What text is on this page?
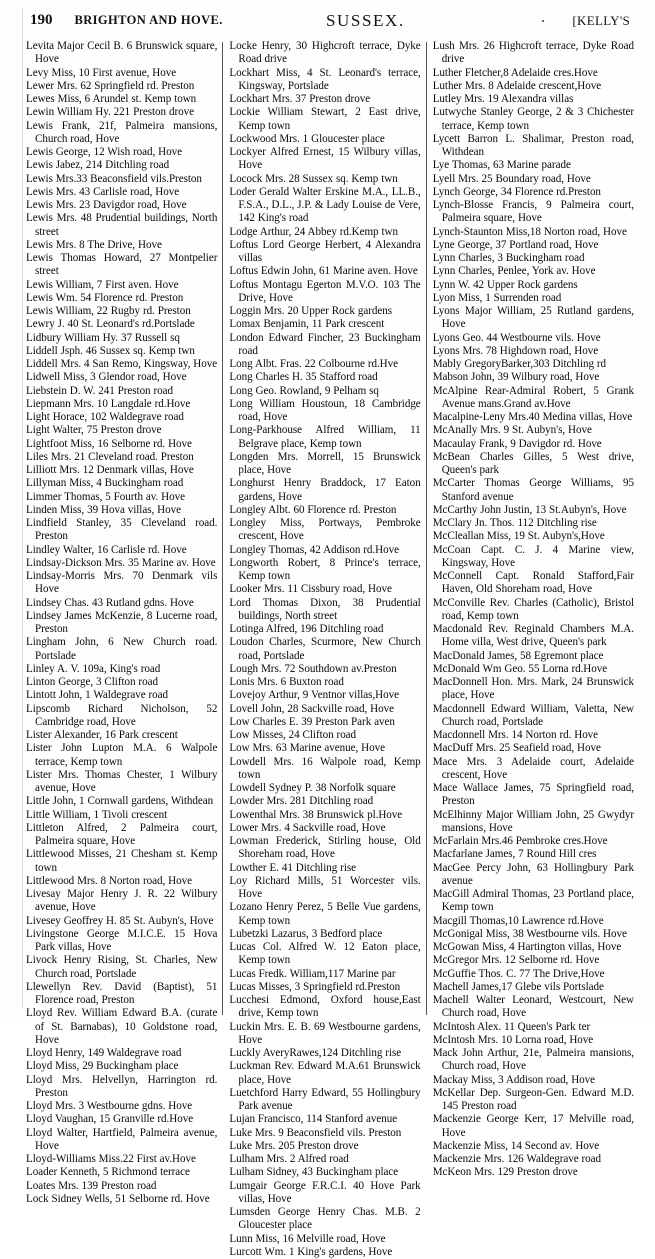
190 BRIGHTON AND HOVE.	SUSSEX.	[KELLY'S
Levita Major Cecil B. 6 Brunswick square, Hove
Levy Miss, 10 First avenue, Hove
Lewer Mrs. 62 Springfield rd. Preston
Lewes Miss, 6 Arundel st. Kemp town
Lewin William Hy. 221 Preston drove
Lewis Frank, 21f, Palmeira mansions, Church road, Hove
Lewis George, 12 Wish road, Hove
Lewis Jabez, 214 Ditchling road
Lewis Mrs.33 Beaconsfield vils.Preston
Lewis Mrs. 43 Carlisle road, Hove
Lewis Mrs. 23 Davigdor road, Hove
Lewis Mrs. 48 Prudential buildings, North street
Lewis Mrs. 8 The Drive, Hove
Lewis Thomas Howard, 27 Montpelier street
Lewis William, 7 First aven. Hove
Lewis Wm. 54 Florence rd. Preston
Lewis William, 22 Rugby rd. Preston
Lewry J. 40 St. Leonard's rd.Portslade
Lidbury William Hy. 37 Russell sq
Liddell Jsph. 46 Sussex sq. Kemp twn
Liddell Mrs. 4 San Remo, Kingsway, Hove
Lidwell Miss, 3 Glendor road, Hove
Liebstein D. W. 241 Preston road
Liepmann Mrs. 10 Langdale rd.Hove
Light Horace, 102 Waldegrave road
Light Walter, 75 Preston drove
Lightfoot Miss, 16 Selborne rd. Hove
Liles Mrs. 21 Cleveland road. Preston
Lilliott Mrs. 12 Denmark villas, Hove
Lillyman Miss, 4 Buckingham road
Limmer Thomas, 5 Fourth av. Hove
Linden Miss, 39 Hova villas, Hove
Lindfield Stanley, 35 Cleveland road. Preston
Lindley Walter, 16 Carlisle rd. Hove
Lindsay-Dickson Mrs. 35 Marine av. Hove
Lindsay-Morris Mrs. 70 Denmark vils Hove
Lindsey Chas. 43 Rutland gdns. Hove
Lindsey James McKenzie, 8 Lucerne road, Preston
Lingham John, 6 New Church road. Portslade
Linley A. V. 109a, King's road
Linton George, 3 Clifton road
Lintott John, 1 Waldegrave road
Lipscomb Richard Nicholson, 52 Cambridge road, Hove
Lister Alexander, 16 Park crescent
Lister John Lupton M.A. 6 Walpole terrace, Kemp town
Lister Mrs. Thomas Chester, 1 Wilbury avenue, Hove
Little John, 1 Cornwall gardens, Withdean
Little William, 1 Tivoli crescent
Littleton Alfred, 2 Palmeira court, Palmeira square, Hove
Littlewood Misses, 21 Chesham st. Kemp town
Littlewood Mrs. 8 Norton road, Hove
Livesay Major Henry J. R. 22 Wilbury avenue, Hove
Livesey Geoffrey H. 85 St. Aubyn's, Hove
Livingstone George M.I.C.E. 15 Hova Park villas, Hove
Livock Henry Rising, St. Charles, New Church road, Portslade
Llewellyn Rev. David (Baptist), 51 Florence road, Preston
Lloyd Rev. William Edward B.A. (curate of St. Barnabas), 10 Goldstone road, Hove
Lloyd Henry, 149 Waldegrave road
Lloyd Miss, 29 Buckingham place
Lloyd Mrs. Helvellyn, Harrington rd. Preston
Lloyd Mrs. 3 Westbourne gdns. Hove
Lloyd Vaughan, 15 Granville rd.Hove
Lloyd Walter, Hartfield, Palmeira avenue, Hove
Lloyd-Williams Miss.22 First av.Hove
Loader Kenneth, 5 Richmond terrace
Loates Mrs. 139 Preston road
Lock Sidney Wells, 51 Selborne rd. Hove
Locke Henry, 30 Highcroft terrace, Dyke Road drive
Lockhart Miss, 4 St. Leonard's terrace, Kingsway, Portslade
Lockhart Mrs. 37 Preston drove
Lockie William Stewart, 2 East drive, Kemp town
Lockwood Mrs. 1 Gloucester place
Lockyer Alfred Ernest, 15 Wilbury villas, Hove
Locock Mrs. 28 Sussex sq. Kemp twn
Loder Gerald Walter Erskine M.A., LL.B., F.S.A., D.L., J.P. & Lady Louise de Vere, 142 King's road
Lodge Arthur, 24 Abbey rd.Kemp twn
Loftus Lord George Herbert, 4 Alexandra villas
Loftus Edwin John, 61 Marine aven. Hove
Loftus Montagu Egerton M.V.O. 103 The Drive, Hove
Loggin Mrs. 20 Upper Rock gardens
Lomax Benjamin, 11 Park crescent
London Edward Fincher, 23 Buckingham road
Long Albt. Fras. 22 Colbourne rd.Hve
Long Charles H. 35 Stafford road
Long Geo. Rowland, 9 Pelham sq
Long William Houstoun, 18 Cambridge road, Hove
Long-Parkhouse Alfred William, 11 Belgrave place, Kemp town
Longden Mrs. Morrell, 15 Brunswick place, Hove
Longhurst Henry Braddock, 17 Eaton gardens, Hove
Longley Albt. 60 Florence rd. Preston
Longley Miss, Portways, Pembroke crescent, Hove
Longley Thomas, 42 Addison rd.Hove
Longworth Robert, 8 Prince's terrace, Kemp town
Looker Mrs. 11 Cissbury road, Hove
Lord Thomas Dixon, 38 Prudential buildings, North street
Lotinga Alfred, 196 Ditchling road
Loudon Charles, Scurmore, New Church road, Portslade
Lough Mrs. 72 Southdown av.Preston
Lonis Mrs. 6 Buxton road
Lovejoy Arthur, 9 Ventnor villas,Hove
Lovell John, 28 Sackville road, Hove
Low Charles E. 39 Preston Park aven
Low Misses, 24 Clifton road
Low Mrs. 63 Marine avenue, Hove
Lowdell Mrs. 16 Walpole road, Kemp town
Lowdell Sydney P. 38 Norfolk square
Lowder Mrs. 281 Ditchling road
Lowenthal Mrs. 38 Brunswick pl.Hove
Lower Mrs. 4 Sackville road, Hove
Lowman Frederick, Stirling house, Old Shoreham road, Hove
Lowther E. 41 Ditchling rise
Loy Richard Mills, 51 Worcester vils. Hove
Lozano Henry Perez, 5 Belle Vue gardens, Kemp town
Lubetzki Lazarus, 3 Bedford place
Lucas Col. Alfred W. 12 Eaton place, Kemp town
Lucas Fredk. William,117 Marine par
Lucas Misses, 3 Springfield rd.Preston
Lucchesi Edmond, Oxford house,East drive, Kemp town
Luckin Mrs. E. B. 69 Westbourne gardens, Hove
Luckly AveryRawes,124 Ditchling rise
Luckman Rev. Edward M.A.61 Brunswick place, Hove
Luetchford Harry Edward, 55 Hollingbury Park avenue
Lujan Francisco, 114 Stanford avenue
Luke Mrs. 9 Beaconsfield vils. Preston
Luke Mrs. 205 Preston drove
Lulham Mrs. 2 Alfred road
Lulham Sidney, 43 Buckingham place
Lumgair George F.R.C.I. 40 Hove Park villas, Hove
Lumsden George Henry Chas. M.B. 2 Gloucester place
Lunn Miss, 16 Melville road, Hove
Lurcott Wm. 1 King's gardens, Hove
Lush Mrs. 26 Highcroft terrace, Dyke Road drive
Luther Fletcher,8 Adelaide cres.Hove
Luther Mrs. 8 Adelaide crescent,Hove
Lutley Mrs. 19 Alexandra villas
Lutwyche Stanley George, 2 & 3 Chichester terrace, Kemp town
Lycett Barron L. Shalimar, Preston road, Withdean
Lye Thomas, 63 Marine parade
Lyell Mrs. 25 Boundary road, Hove
Lynch George, 34 Florence rd.Preston
Lynch-Blosse Francis, 9 Palmeira court, Palmeira square, Hove
Lynch-Staunton Miss,18 Norton road, Hove
Lyne George, 37 Portland road, Hove
Lynn Charles, 3 Buckingham road
Lynn Charles, Penlee, York av. Hove
Lynn W. 42 Upper Rock gardens
Lyon Miss, 1 Surrenden road
Lyons Major William, 25 Rutland gardens, Hove
Lyons Geo. 44 Westbourne vils. Hove
Lyons Mrs. 78 Highdown road, Hove
Mably GregoryBarker,303 Ditchling rd
Mabson John, 39 Wilbury road, Hove
McAlpine Rear-Admiral Robert, 5 Grank Avenue mans.Grand av.Hove
Macalpine-Leny Mrs.40 Medina villas, Hove
McAnally Mrs. 9 St. Aubyn's, Hove
Macaulay Frank, 9 Davigdor rd. Hove
McBean Charles Gilles, 5 West drive, Queen's park
McCarter Thomas George Williams, 95 Stanford avenue
McCarthy John Justin, 13 St.Aubyn's, Hove
McClary Jn. Thos. 112 Ditchling rise
McCleallan Miss, 19 St. Aubyn's,Hove
McCoan Capt. C. J. 4 Marine view, Kingsway, Hove
McConnell Capt. Ronald Stafford,Fair Haven, Old Shoreham road, Hove
McConville Rev. Charles (Catholic), Bristol road, Kemp town
Macdonald Rev. Reginald Chambers M.A. Home villa, West drive, Queen's park
MacDonald James, 58 Egremont place
McDonald Wm Geo. 55 Lorna rd.Hove
MacDonnell Hon. Mrs. Mark, 24 Brunswick place, Hove
Macdonnell Edward William, Valetta, New Church road, Portslade
Macdonnell Mrs. 14 Norton rd. Hove
MacDuff Mrs. 25 Seafield road, Hove
Mace Mrs. 3 Adelaide court, Adelaide crescent, Hove
Mace Wallace James, 75 Springfield road, Preston
McElhinny Major William John, 25 Gwydyr mansions, Hove
McFarlain Mrs.46 Pembroke cres.Hove
Macfarlane James, 7 Round Hill cres
MacGee Percy John, 63 Hollingbury Park avenue
MacGill Admiral Thomas, 23 Portland place, Kemp town
Macgill Thomas,10 Lawrence rd.Hove
McGonigal Miss, 38 Westbourne vils. Hove
McGowan Miss, 4 Hartington villas, Hove
McGregor Mrs. 12 Selborne rd. Hove
McGuffie Thos. C. 77 The Drive,Hove
Machell James,17 Glebe vils Portslade
Machell Walter Leonard, Westcourt, New Church road, Hove
McIntosh Alex. 11 Queen's Park ter
McIntosh Mrs. 10 Lorna road, Hove
Mack John Arthur, 21e, Palmeira mansions, Church road, Hove
Mackay Miss, 3 Addison road, Hove
McKellar Dep. Surgeon-Gen. Edward M.D. 145 Preston road
Mackenzie George Kerr, 17 Melville road, Hove
Mackenzie Miss, 14 Second av. Hove
Mackenzie Mrs. 126 Waldegrave road
McKeon Mrs. 129 Preston drove
